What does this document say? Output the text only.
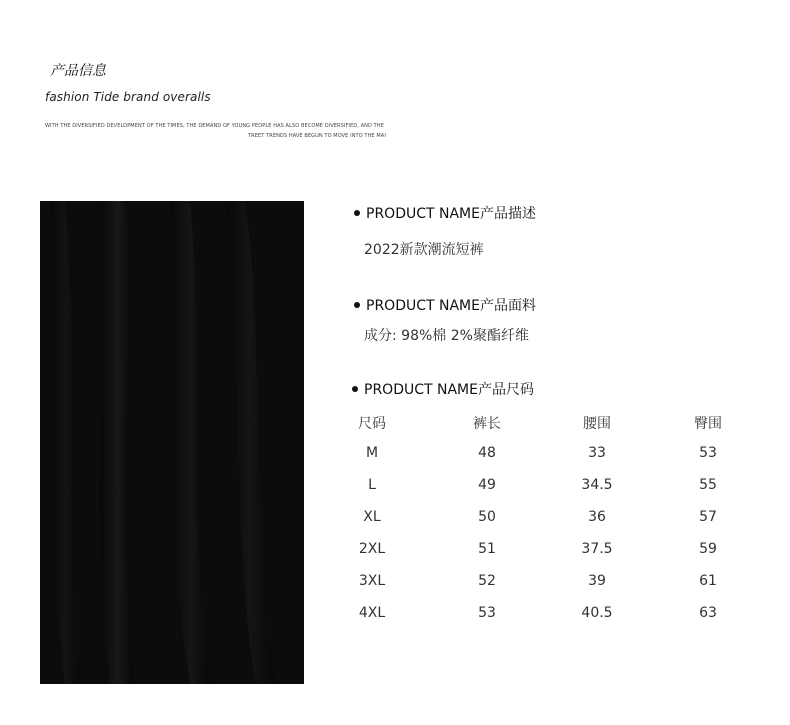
产品信息
fashion Tide brand overalls
WITH THE DIVERSIFIED DEVELOPMENT OF THE TIMES, THE DEMAND OF YOUNG PEOPLE HAS ALSO BECOME DIVERSIFIED, AND THE
TREET TRENDS HAVE BEGUN TO MOVE INTO THE MAI
PRODUCT NAME产品描述
2022新款潮流短裤
PRODUCT NAME产品面料
成分: 98%棉 2%聚酯纤维
PRODUCT NAME产品尺码
尺码	裤长	腰围	臀围
M	48	33	53
L	49	34.5	55
XL	50	36	57
2XL	51	37.5	59
3XL	52	39	61
4XL	53	40.5	63
